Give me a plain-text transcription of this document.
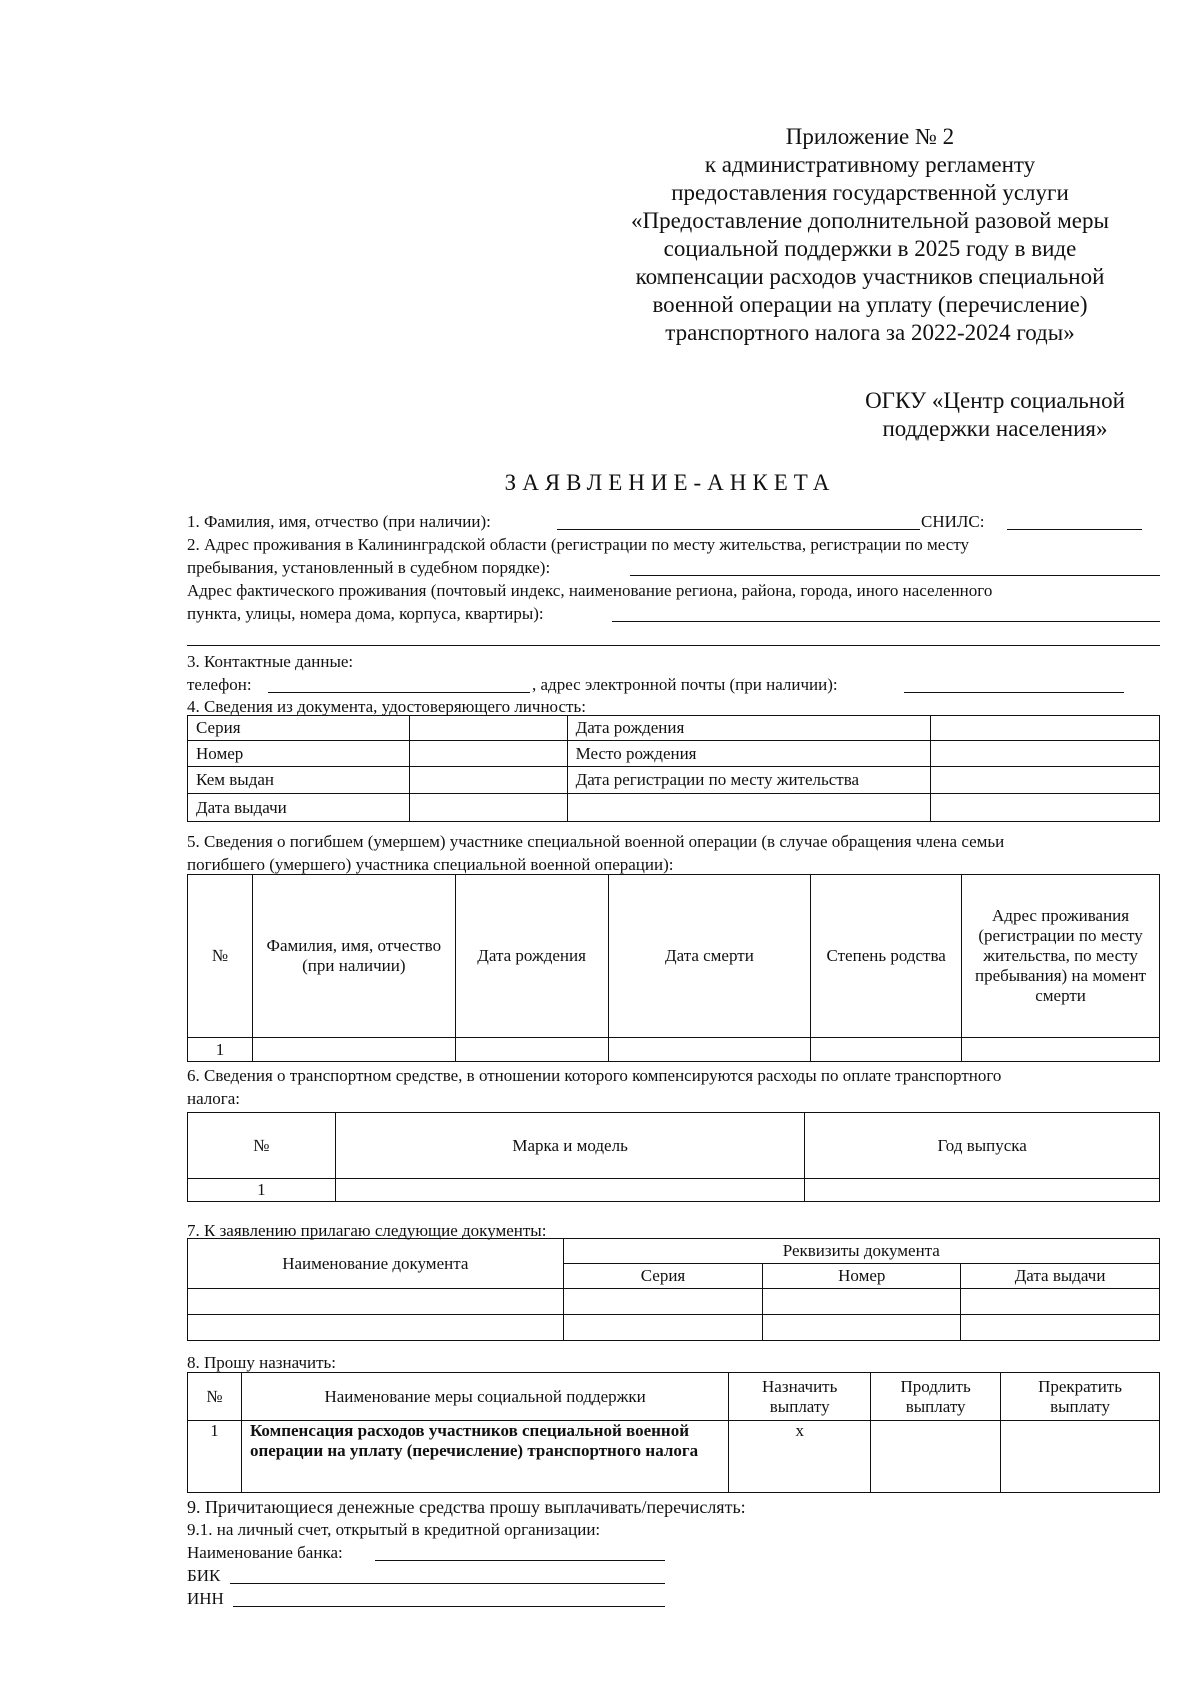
Приложение № 2
к административному регламенту
предоставления государственной услуги
«Предоставление дополнительной разовой меры
социальной поддержки в 2025 году в виде
компенсации расходов участников специальной
военной операции на уплату (перечисление)
транспортного налога за 2022-2024 годы»
ОГКУ «Центр социальной
поддержки населения»
ЗАЯВЛЕНИЕ-АНКЕТА
1. Фамилия, имя, отчество (при наличии):	СНИЛС:
2. Адрес проживания в Калининградской области (регистрации по месту жительства, регистрации по месту
пребывания, установленный в судебном порядке):
Адрес фактического проживания (почтовый индекс, наименование региона, района, города, иного населенного
пункта, улицы, номера дома, корпуса, квартиры):
3. Контактные данные:
телефон:	, адрес электронной почты (при наличии):
4. Сведения из документа, удостоверяющего личность:
Серия		Дата рождения	
Номер		Место рождения	
Кем выдан		Дата регистрации по месту жительства	
Дата выдачи			
5. Сведения о погибшем (умершем) участнике специальной военной операции (в случае обращения члена семьи
погибшего (умершего) участника специальной военной операции):
№	Фамилия, имя, отчество (при наличии)	Дата рождения	Дата смерти	Степень родства	Адрес проживания (регистрации по месту жительства, по месту пребывания) на момент смерти
1					
6. Сведения о транспортном средстве, в отношении которого компенсируются расходы по оплате транспортного
налога:
№	Марка и модель	Год выпуска
1		
7. К заявлению прилагаю следующие документы:
Наименование документа	Реквизиты документа		
	Серия	Номер	Дата выдачи

8. Прошу назначить:
№	Наименование меры социальной поддержки	Назначить выплату	Продлить выплату	Прекратить выплату
1	Компенсация расходов участников специальной военной операции на уплату (перечисление) транспортного налога	x		
9. Причитающиеся денежные средства прошу выплачивать/перечислять:
9.1. на личный счет, открытый в кредитной организации:
Наименование банка:
БИК
ИНН
